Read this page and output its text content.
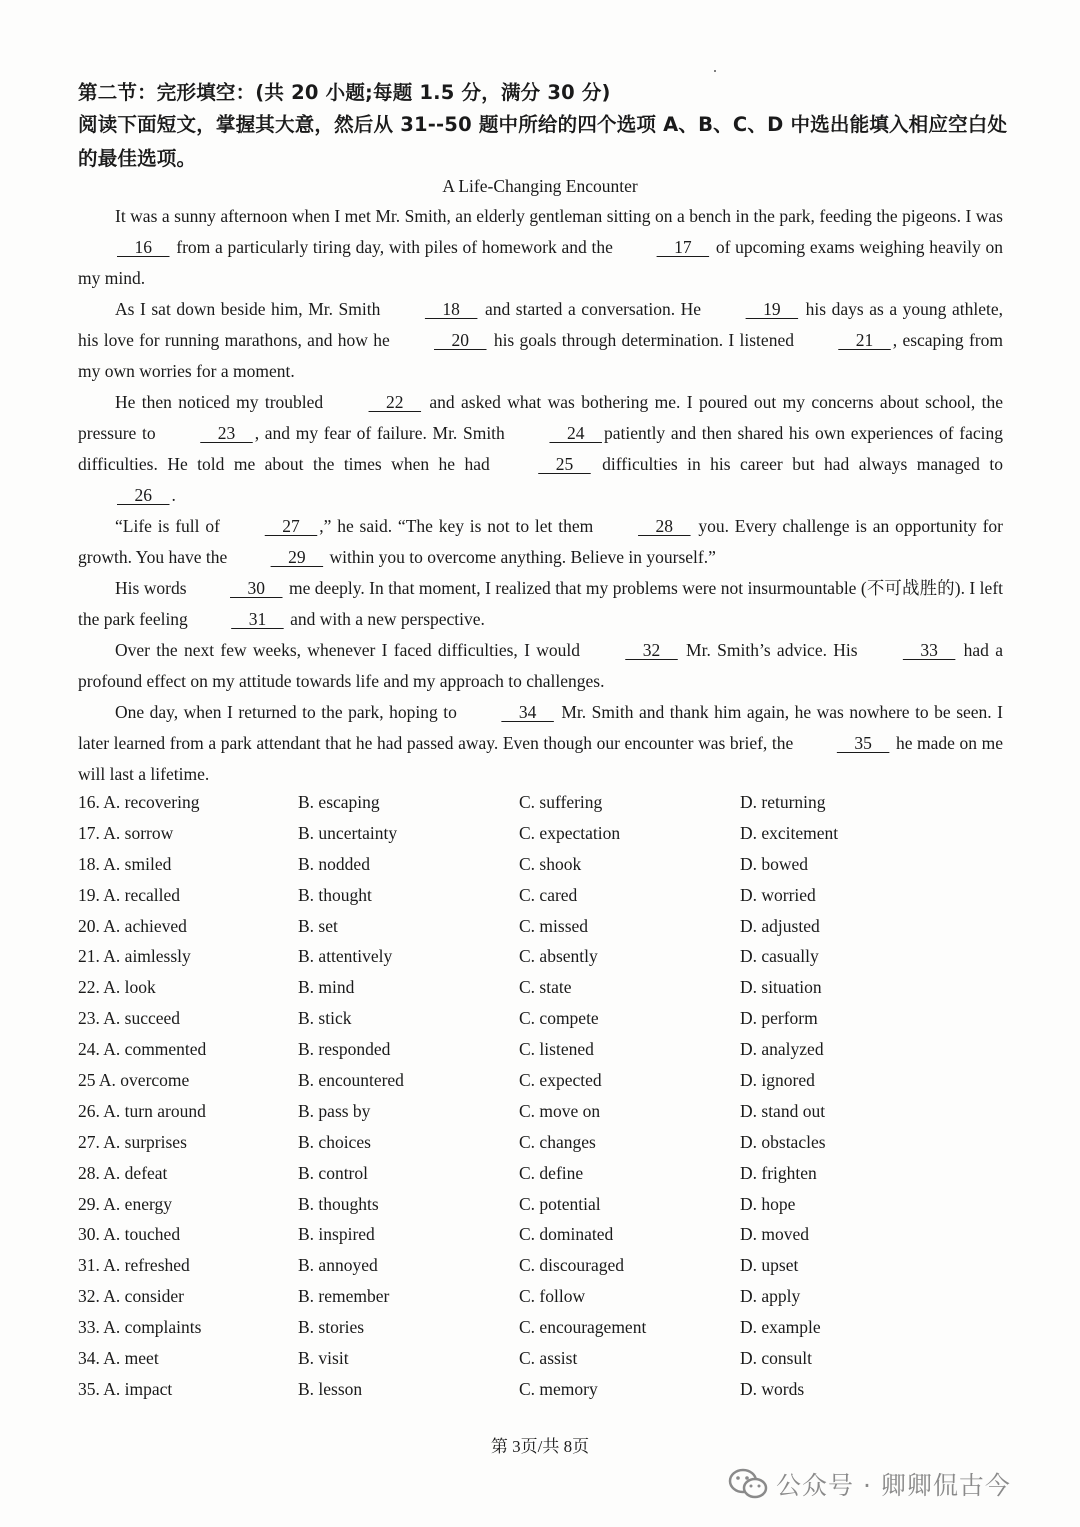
第二节：完形填空：(共 20 小题;每题 1.5 分，满分 30 分)
阅读下面短文，掌握其大意，然后从 31--50 题中所给的四个选项 A、B、C、D 中选出能填入相应空白处的最佳选项。
A Life-Changing Encounter

It was a sunny afternoon when I met Mr. Smith, an elderly gentleman sitting on a bench in the park, feeding the pigeons. I was     16     from a particularly tiring day, with piles of homework and the     17     of upcoming exams weighing heavily on my mind.

As I sat down beside him, Mr. Smith     18     and started a conversation. He     19     his days as a young athlete, his love for running marathons, and how he     20     his goals through determination. I listened     21    , escaping from my own worries for a moment.

He then noticed my troubled     22     and asked what was bothering me. I poured out my concerns about school, the pressure to     23    , and my fear of failure. Mr. Smith     24    patiently and then shared his own experiences of facing difficulties. He told me about the times when he had     25     difficulties in his career but had always managed to     26    .

“Life is full of     27    ,” he said. “The key is not to let them     28     you. Every challenge is an opportunity for growth. You have the     29     within you to overcome anything. Believe in yourself.”

His words     30     me deeply. In that moment, I realized that my problems were not insurmountable (不可战胜的). I left the park feeling     31     and with a new perspective.

Over the next few weeks, whenever I faced difficulties, I would     32     Mr. Smith’s advice. His     33     had a profound effect on my attitude towards life and my approach to challenges.

One day, when I returned to the park, hoping to     34     Mr. Smith and thank him again, he was nowhere to be seen. I later learned from a park attendant that he had passed away. Even though our encounter was brief, the     35     he made on me will last a lifetime.

16. A. recovering	B. escaping	C. suffering	D. returning
17. A. sorrow	B. uncertainty	C. expectation	D. excitement
18. A. smiled	B. nodded	C. shook	D. bowed
19. A. recalled	B. thought	C. cared	D. worried
20. A. achieved	B. set	C. missed	D. adjusted
21. A. aimlessly	B. attentively	C. absently	D. casually
22. A. look	B. mind	C. state	D. situation
23. A. succeed	B. stick	C. compete	D. perform
24. A. commented	B. responded	C. listened	D. analyzed
25 A. overcome	B. encountered	C. expected	D. ignored
26. A. turn around	B. pass by	C. move on	D. stand out
27. A. surprises	B. choices	C. changes	D. obstacles
28. A. defeat	B. control	C. define	D. frighten
29. A. energy	B. thoughts	C. potential	D. hope
30. A. touched	B. inspired	C. dominated	D. moved
31. A. refreshed	B. annoyed	C. discouraged	D. upset
32. A. consider	B. remember	C. follow	D. apply
33. A. complaints	B. stories	C. encouragement	D. example
34. A. meet	B. visit	C. assist	D. consult
35. A. impact	B. lesson	C. memory	D. words
第 3页/共 8页
公众号 · 卿卿侃古今
